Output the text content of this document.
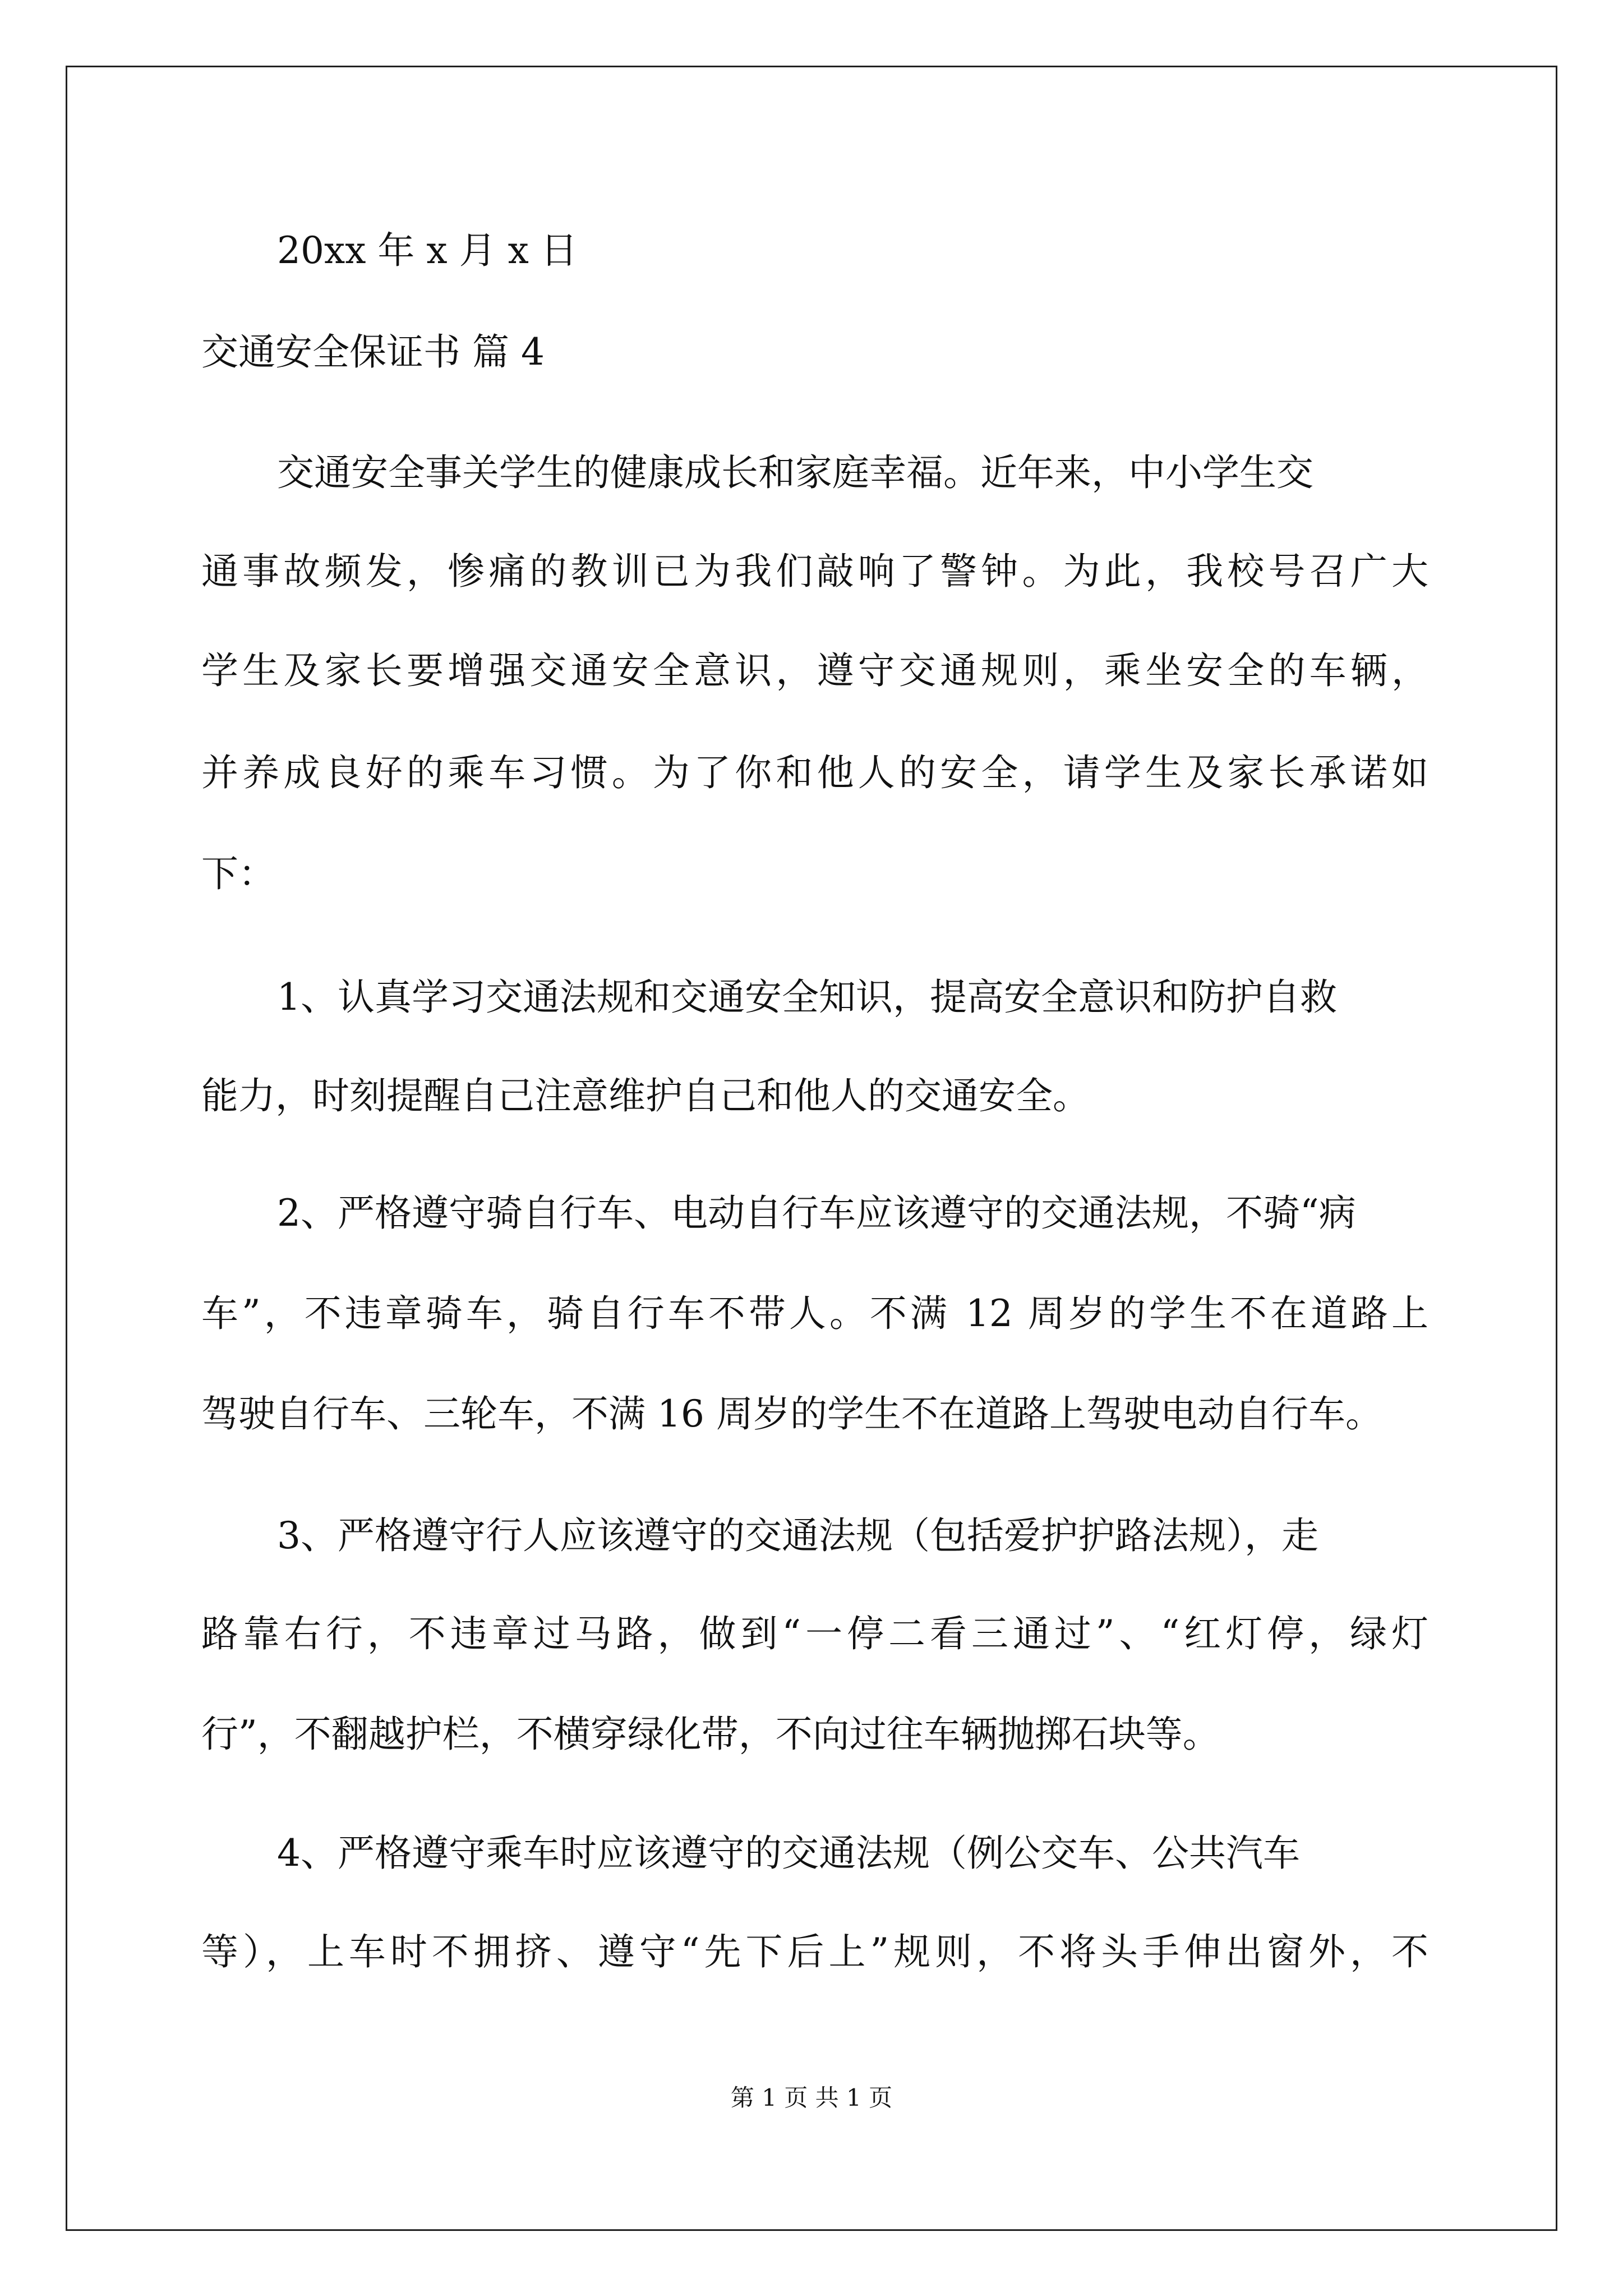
20xx 年 x 月 x 日
交通安全保证书 篇 4
交通安全事关学生的健康成长和家庭幸福。近年来，中小学生交
通事故频发，惨痛的教训已为我们敲响了警钟。为此，我校号召广大
学生及家长要增强交通安全意识，遵守交通规则，乘坐安全的车辆，
并养成良好的乘车习惯。为了你和他人的安全，请学生及家长承诺如
下：
1、认真学习交通法规和交通安全知识，提高安全意识和防护自救
能力，时刻提醒自己注意维护自己和他人的交通安全。
2、严格遵守骑自行车、电动自行车应该遵守的交通法规，不骑“病
车”，不违章骑车，骑自行车不带人。不满 12 周岁的学生不在道路上
驾驶自行车、三轮车，不满 16 周岁的学生不在道路上驾驶电动自行车。
3、严格遵守行人应该遵守的交通法规（包括爱护护路法规），走
路靠右行，不违章过马路，做到“一停二看三通过”、“红灯停，绿灯
行”，不翻越护栏，不横穿绿化带，不向过往车辆抛掷石块等。
4、严格遵守乘车时应该遵守的交通法规（例公交车、公共汽车
等），上车时不拥挤、遵守“先下后上”规则，不将头手伸出窗外，不
第 1 页 共 1 页
